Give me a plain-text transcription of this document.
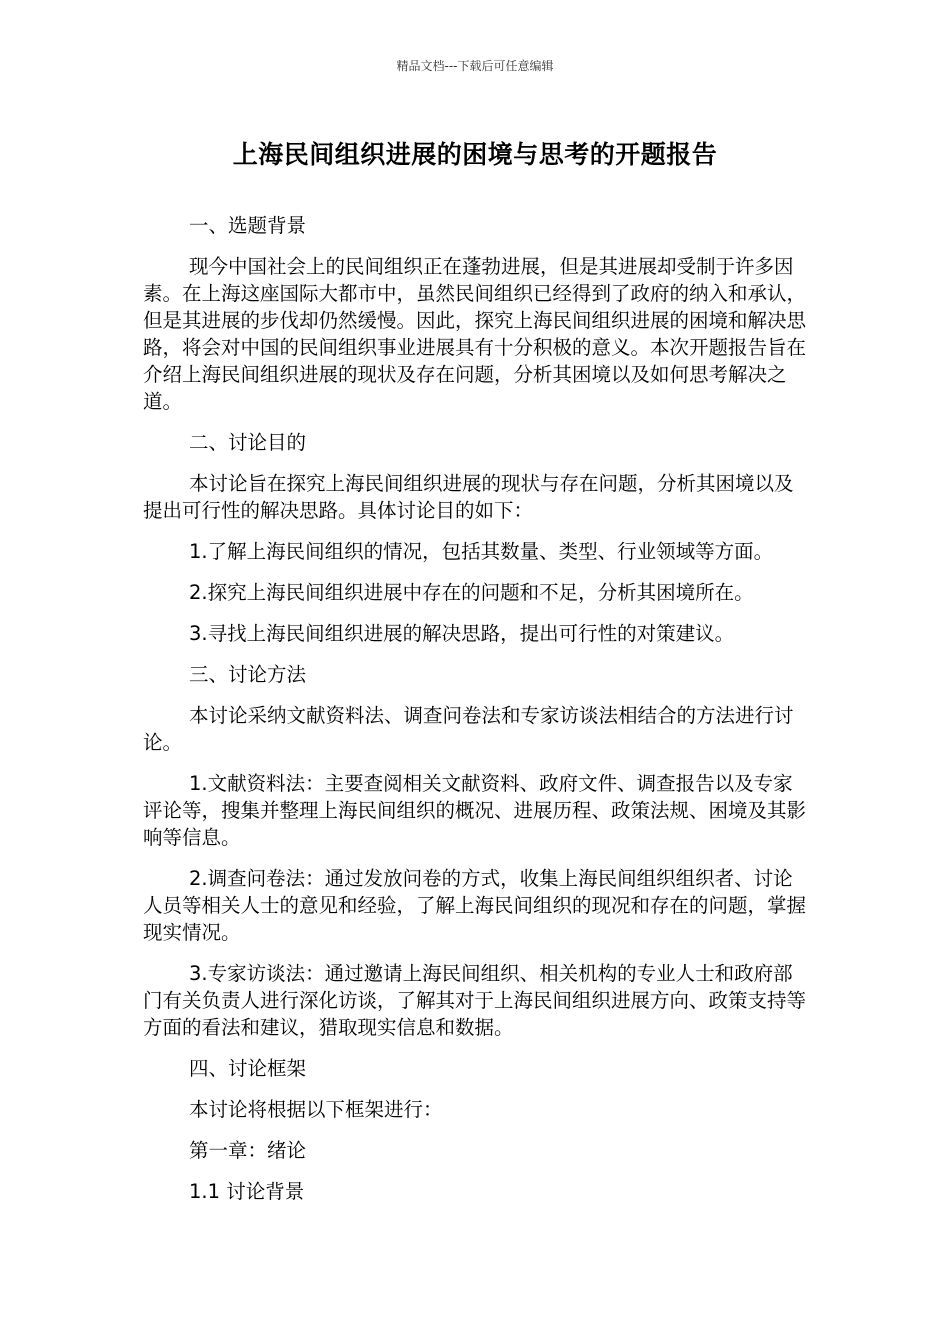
精品文档---下载后可任意编辑
上海民间组织进展的困境与思考的开题报告

一、选题背景

现今中国社会上的民间组织正在蓬勃进展，但是其进展却受制于许多因素。在上海这座国际大都市中，虽然民间组织已经得到了政府的纳入和承认，但是其进展的步伐却仍然缓慢。因此，探究上海民间组织进展的困境和解决思路，将会对中国的民间组织事业进展具有十分积极的意义。本次开题报告旨在介绍上海民间组织进展的现状及存在问题，分析其困境以及如何思考解决之道。

二、讨论目的

本讨论旨在探究上海民间组织进展的现状与存在问题，分析其困境以及提出可行性的解决思路。具体讨论目的如下：

1.了解上海民间组织的情况，包括其数量、类型、行业领域等方面。

2.探究上海民间组织进展中存在的问题和不足，分析其困境所在。

3.寻找上海民间组织进展的解决思路，提出可行性的对策建议。

三、讨论方法

本讨论采纳文献资料法、调查问卷法和专家访谈法相结合的方法进行讨论。

1.文献资料法：主要查阅相关文献资料、政府文件、调查报告以及专家评论等，搜集并整理上海民间组织的概况、进展历程、政策法规、困境及其影响等信息。

2.调查问卷法：通过发放问卷的方式，收集上海民间组织组织者、讨论人员等相关人士的意见和经验，了解上海民间组织的现况和存在的问题，掌握现实情况。

3.专家访谈法：通过邀请上海民间组织、相关机构的专业人士和政府部门有关负责人进行深化访谈，了解其对于上海民间组织进展方向、政策支持等方面的看法和建议，猎取现实信息和数据。

四、讨论框架

本讨论将根据以下框架进行：

第一章：绪论

1.1 讨论背景
